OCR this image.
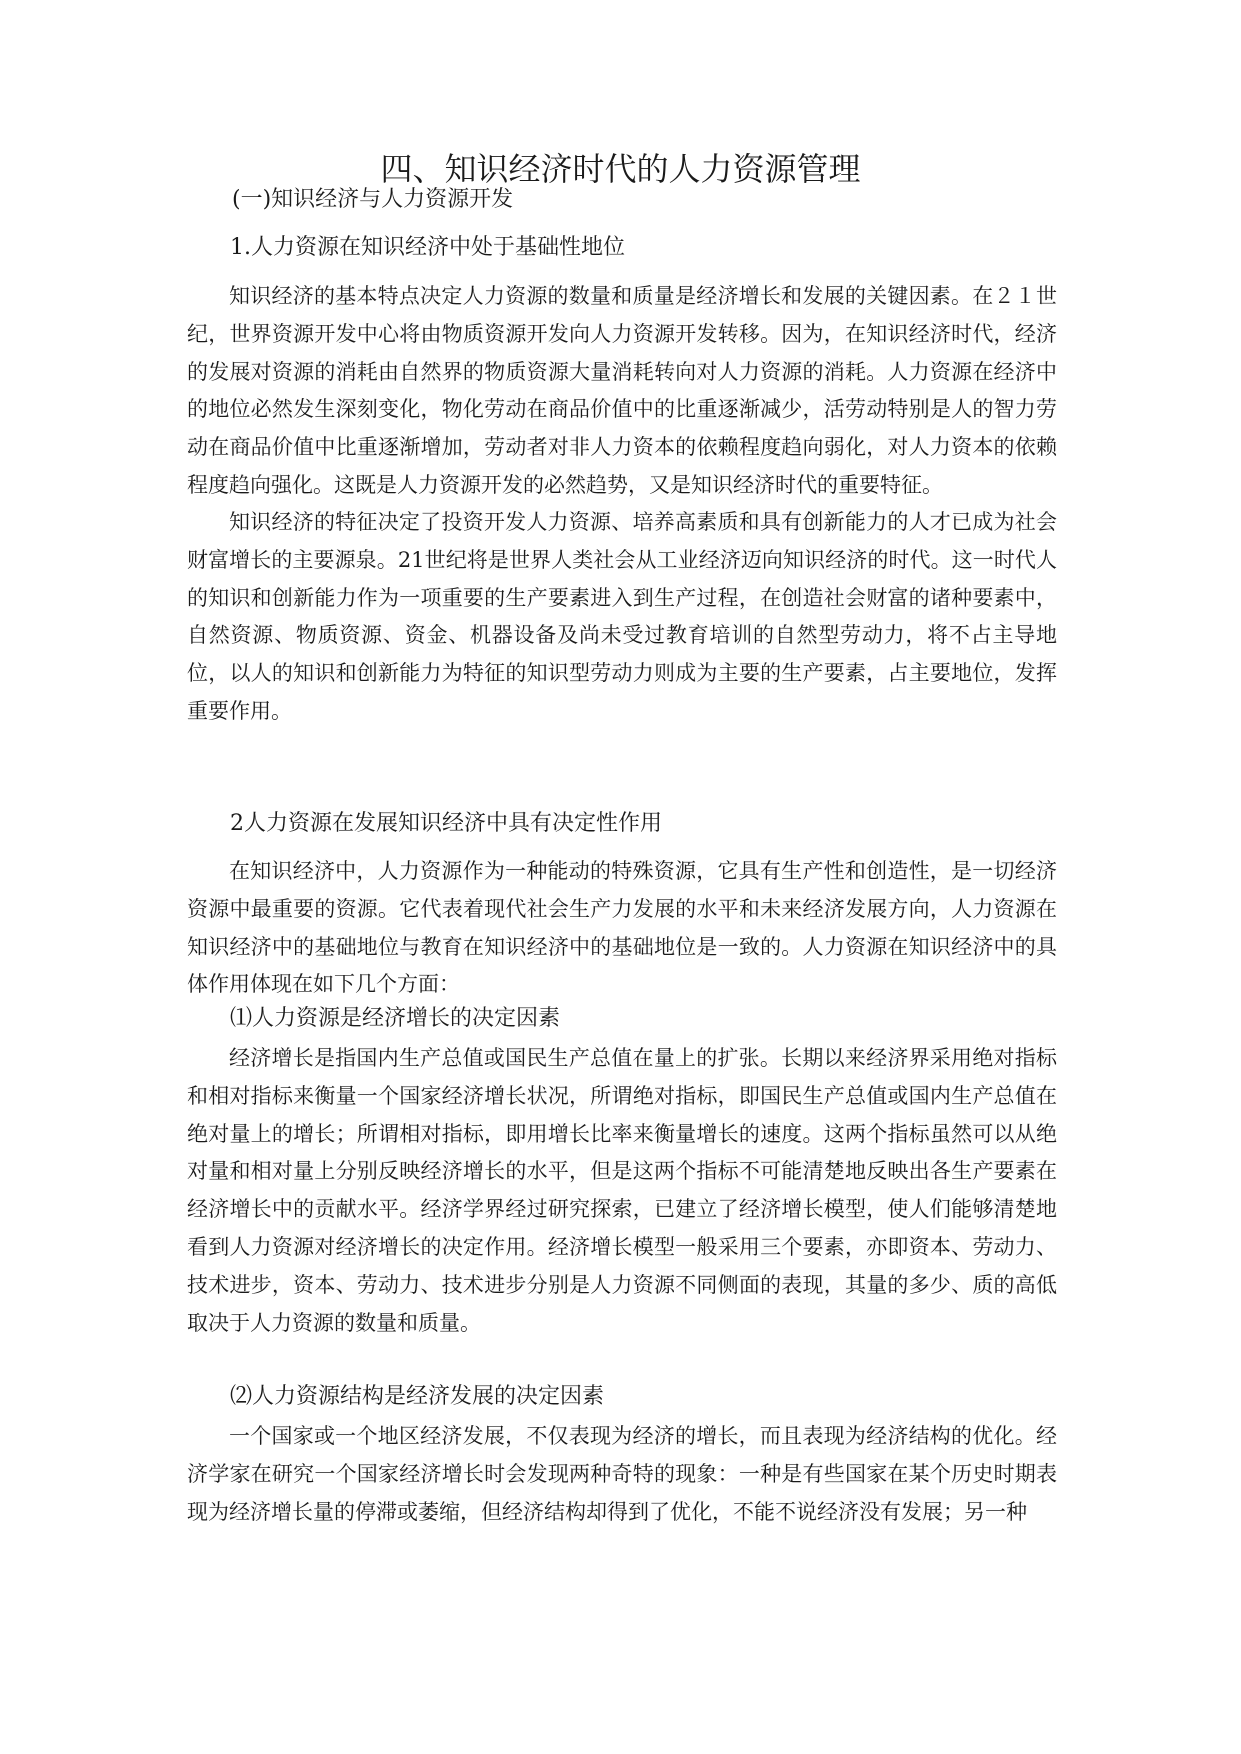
四、知识经济时代的人力资源管理
(一)知识经济与人力资源开发
1.人力资源在知识经济中处于基础性地位

知识经济的基本特点决定人力资源的数量和质量是经济增长和发展的关键因素。在２１世纪，世界资源开发中心将由物质资源开发向人力资源开发转移。因为，在知识经济时代，经济的发展对资源的消耗由自然界的物质资源大量消耗转向对人力资源的消耗。人力资源在经济中的地位必然发生深刻变化，物化劳动在商品价值中的比重逐渐减少，活劳动特别是人的智力劳动在商品价值中比重逐渐增加，劳动者对非人力资本的依赖程度趋向弱化，对人力资本的依赖程度趋向强化。这既是人力资源开发的必然趋势，又是知识经济时代的重要特征。

知识经济的特征决定了投资开发人力资源、培养高素质和具有创新能力的人才已成为社会财富增长的主要源泉。21世纪将是世界人类社会从工业经济迈向知识经济的时代。这一时代人的知识和创新能力作为一项重要的生产要素进入到生产过程，在创造社会财富的诸种要素中，自然资源、物质资源、资金、机器设备及尚未受过教育培训的自然型劳动力，将不占主导地位，以人的知识和创新能力为特征的知识型劳动力则成为主要的生产要素，占主要地位，发挥重要作用。

2人力资源在发展知识经济中具有决定性作用

在知识经济中，人力资源作为一种能动的特殊资源，它具有生产性和创造性，是一切经济资源中最重要的资源。它代表着现代社会生产力发展的水平和未来经济发展方向，人力资源在知识经济中的基础地位与教育在知识经济中的基础地位是一致的。人力资源在知识经济中的具体作用体现在如下几个方面：

⑴人力资源是经济增长的决定因素

经济增长是指国内生产总值或国民生产总值在量上的扩张。长期以来经济界采用绝对指标和相对指标来衡量一个国家经济增长状况，所谓绝对指标，即国民生产总值或国内生产总值在绝对量上的增长；所谓相对指标，即用增长比率来衡量增长的速度。这两个指标虽然可以从绝对量和相对量上分别反映经济增长的水平，但是这两个指标不可能清楚地反映出各生产要素在经济增长中的贡献水平。经济学界经过研究探索，已建立了经济增长模型，使人们能够清楚地看到人力资源对经济增长的决定作用。经济增长模型一般采用三个要素，亦即资本、劳动力、技术进步，资本、劳动力、技术进步分别是人力资源不同侧面的表现，其量的多少、质的高低取决于人力资源的数量和质量。

⑵人力资源结构是经济发展的决定因素

一个国家或一个地区经济发展，不仅表现为经济的增长，而且表现为经济结构的优化。经济学家在研究一个国家经济增长时会发现两种奇特的现象：一种是有些国家在某个历史时期表现为经济增长量的停滞或萎缩，但经济结构却得到了优化，不能不说经济没有发展；另一种
